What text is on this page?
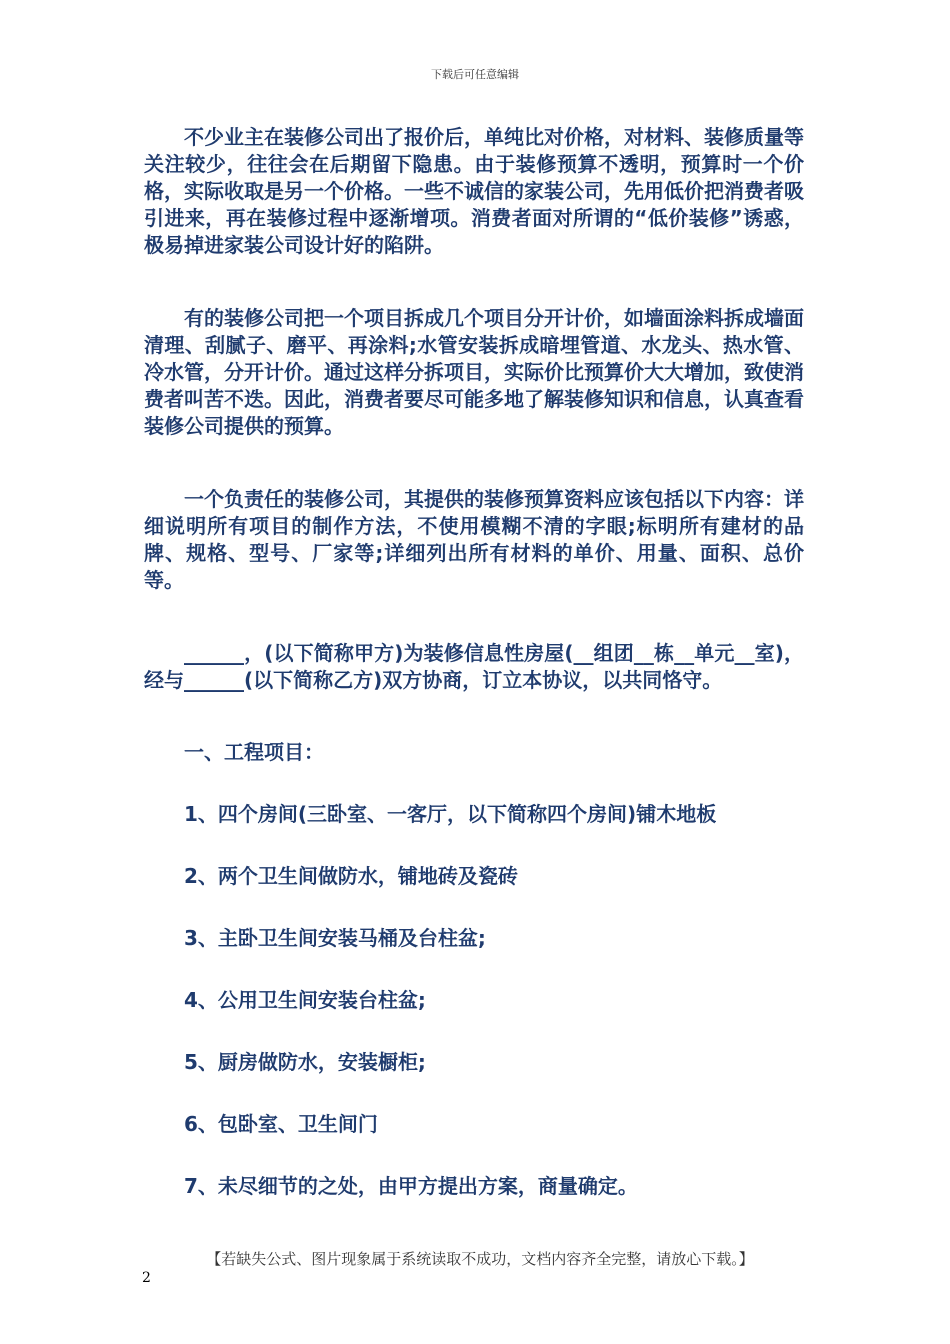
下载后可任意编辑

不少业主在装修公司出了报价后，单纯比对价格，对材料、装修质量等关注较少，往往会在后期留下隐患。由于装修预算不透明，预算时一个价格，实际收取是另一个价格。一些不诚信的家装公司，先用低价把消费者吸引进来，再在装修过程中逐渐增项。消费者面对所谓的“低价装修”诱惑，极易掉进家装公司设计好的陷阱。

有的装修公司把一个项目拆成几个项目分开计价，如墙面涂料拆成墙面清理、刮腻子、磨平、再涂料;水管安装拆成暗埋管道、水龙头、热水管、冷水管，分开计价。通过这样分拆项目，实际价比预算价大大增加，致使消费者叫苦不迭。因此，消费者要尽可能多地了解装修知识和信息，认真查看装修公司提供的预算。

一个负责任的装修公司，其提供的装修预算资料应该包括以下内容：详细说明所有项目的制作方法，不使用模糊不清的字眼;标明所有建材的品牌、规格、型号、厂家等;详细列出所有材料的单价、用量、面积、总价等。

______，(以下简称甲方)为装修信息性房屋(__组团__栋__单元__室)，经与______(以下简称乙方)双方协商，订立本协议，以共同恪守。

一、工程项目：

1、四个房间(三卧室、一客厅，以下简称四个房间)铺木地板
2、两个卫生间做防水，铺地砖及瓷砖
3、主卧卫生间安装马桶及台柱盆;
4、公用卫生间安装台柱盆;
5、厨房做防水，安装橱柜;
6、包卧室、卫生间门
7、未尽细节的之处，由甲方提出方案，商量确定。
【若缺失公式、图片现象属于系统读取不成功，文档内容齐全完整，请放心下载。】
2
